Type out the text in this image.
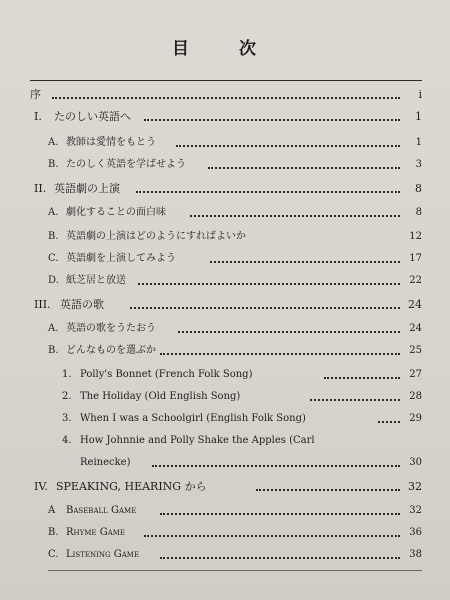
目 次
序	i
I. たのしい英語へ	1
A. 教師は愛情をもとう	1
B. たのしく英語を学ばせよう	3
II. 英語劇の上演	8
A. 劇化することの面白味	8
B. 英語劇の上演はどのようにすればよいか	12
C. 英語劇を上演してみよう	17
D. 紙芝居と放送	22
III. 英語の歌	24
A. 英語の歌をうたおう	24
B. どんなものを選ぶか	25
1. Polly's Bonnet (French Folk Song)	27
2. The Holiday (Old English Song)	28
3. When I was a Schoolgirl (English Folk Song)	29
4. How Johnnie and Polly Shake the Apples (Carl
Reinecke)	30
IV. SPEAKING, HEARING から	32
A Baseball Game	32
B. Rhyme Game	36
C. Listening Game	38
